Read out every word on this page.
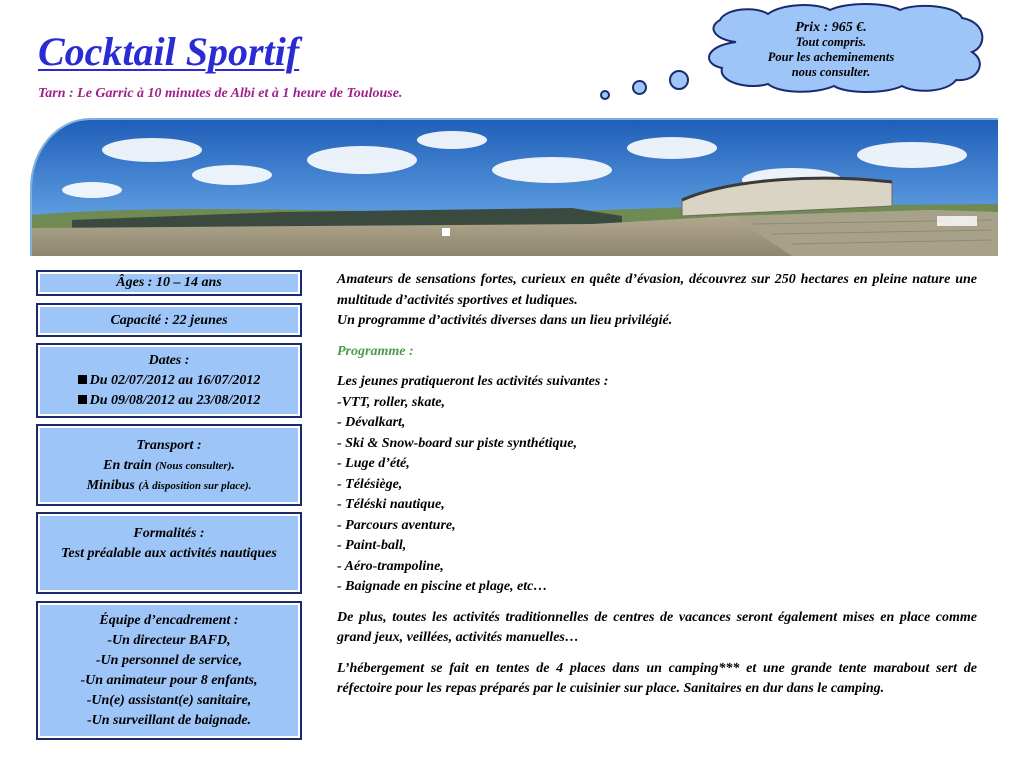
Cocktail Sportif
Tarn : Le Garric à 10 minutes de Albi et à 1 heure de Toulouse.
Prix : 965 €.
Tout compris.
Pour les acheminements
nous consulter.
Âges : 10 – 14 ans
Capacité : 22 jeunes
Dates :
Du 02/07/2012 au 16/07/2012
Du 09/08/2012 au 23/08/2012
Transport :
En train (Nous consulter).
Minibus (À disposition sur place).
Formalités :
Test préalable aux activités nautiques
Équipe d’encadrement :
-Un directeur BAFD,
-Un personnel de service,
-Un animateur pour 8 enfants,
-Un(e) assistant(e) sanitaire,
-Un surveillant de baignade.

Amateurs de sensations fortes, curieux en quête d’évasion, découvrez sur 250 hectares en pleine nature une multitude d’activités sportives et ludiques.

Un programme d’activités diverses dans un lieu privilégié.

Programme :

Les jeunes pratiqueront les activités suivantes :

-VTT, roller, skate,

- Dévalkart,

- Ski & Snow-board sur piste synthétique,

- Luge d’été,

- Télésiège,

- Téléski nautique,

- Parcours aventure,

- Paint-ball,

- Aéro-trampoline,

- Baignade en piscine et plage, etc…

De plus, toutes les activités traditionnelles de centres de vacances seront également mises en place comme grand jeux, veillées, activités manuelles…

L’hébergement se fait en tentes de 4 places dans un camping*** et une grande tente marabout sert de réfectoire pour les repas préparés par le cuisinier sur place. Sanitaires en dur dans le camping.
